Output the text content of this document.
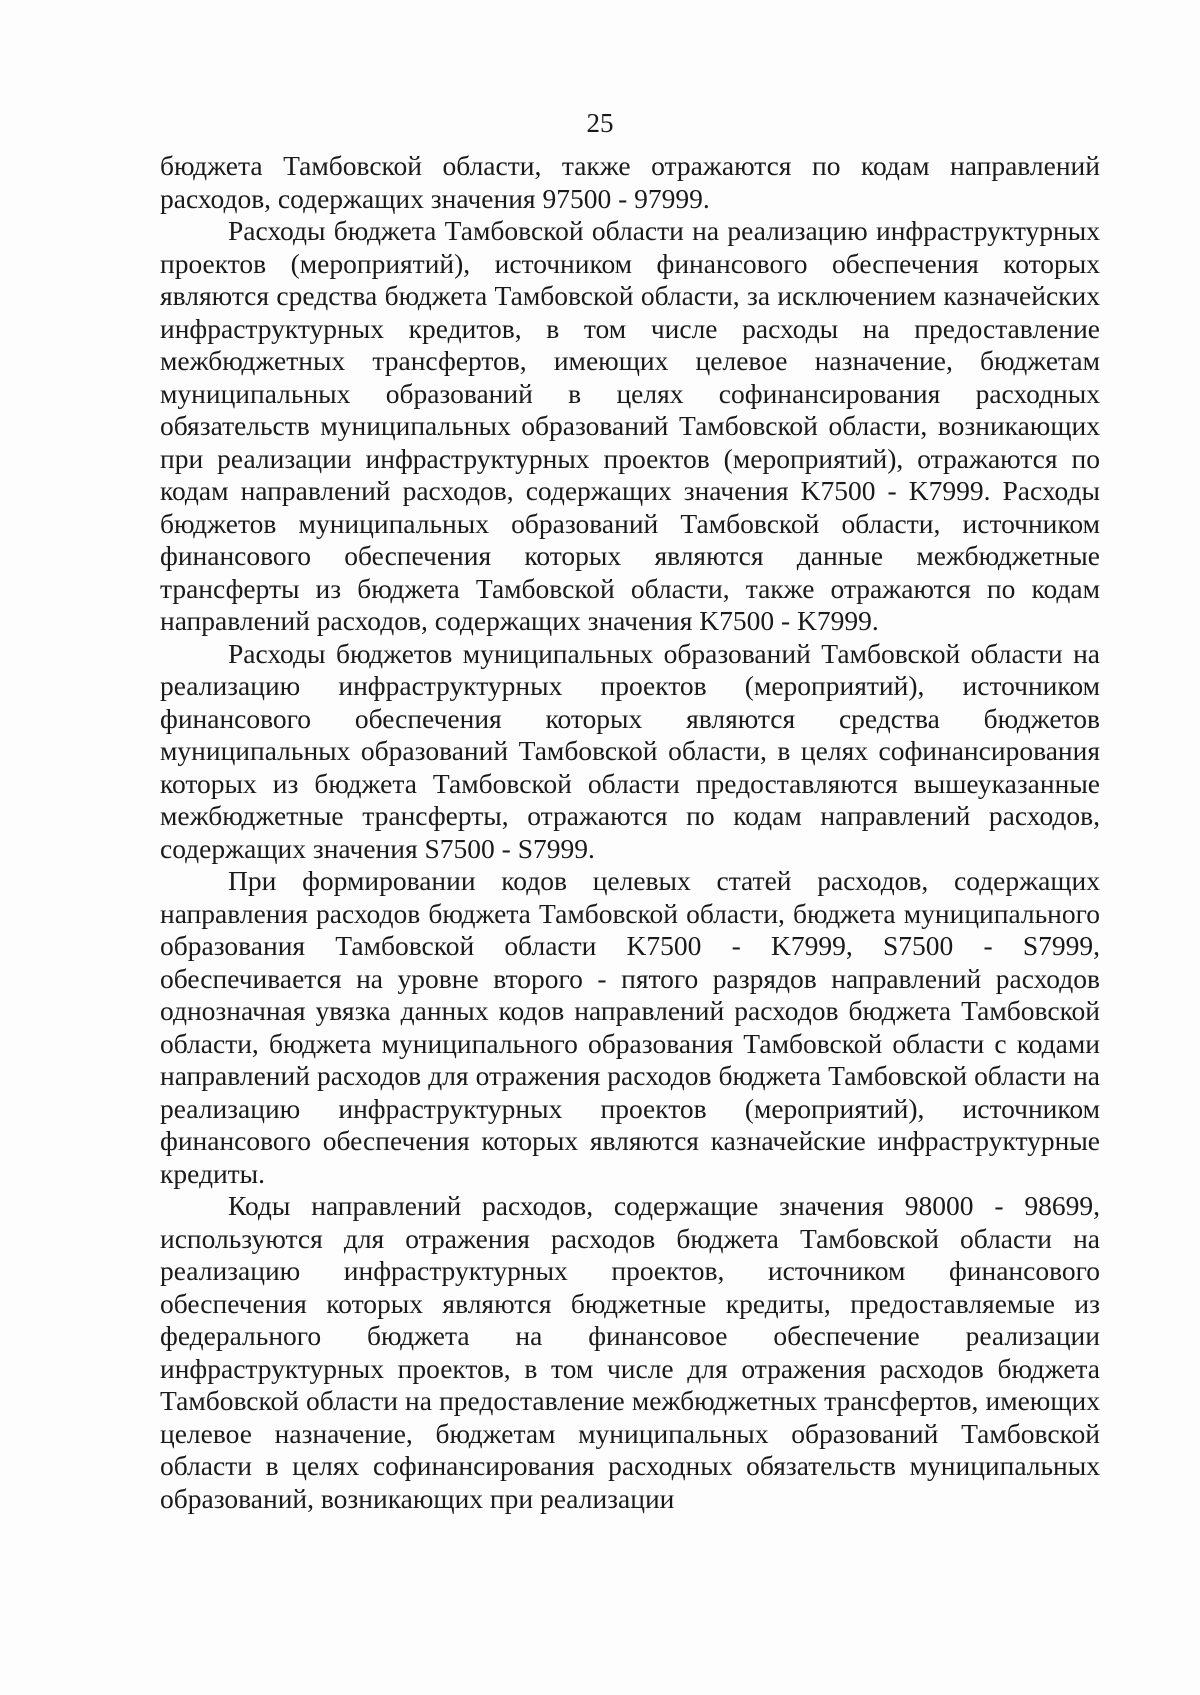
25

бюджета Тамбовской области, также отражаются по кодам направлений расходов, содержащих значения 97500 - 97999.

Расходы бюджета Тамбовской области на реализацию инфраструктурных проектов (мероприятий), источником финансового обеспечения которых являются средства бюджета Тамбовской области, за исключением казначейских инфраструктурных кредитов, в том числе расходы на предоставление межбюджетных трансфертов, имеющих целевое назначение, бюджетам муниципальных образований в целях софинансирования расходных обязательств муниципальных образований Тамбовской области, возникающих при реализации инфраструктурных проектов (мероприятий), отражаются по кодам направлений расходов, содержащих значения K7500 - K7999. Расходы бюджетов муниципальных образований Тамбовской области, источником финансового обеспечения которых являются данные межбюджетные трансферты из бюджета Тамбовской области, также отражаются по кодам направлений расходов, содержащих значения K7500 - K7999.

Расходы бюджетов муниципальных образований Тамбовской области на реализацию инфраструктурных проектов (мероприятий), источником финансового обеспечения которых являются средства бюджетов муниципальных образований Тамбовской области, в целях софинансирования которых из бюджета Тамбовской области предоставляются вышеуказанные межбюджетные трансферты, отражаются по кодам направлений расходов, содержащих значения S7500 - S7999.

При формировании кодов целевых статей расходов, содержащих направления расходов бюджета Тамбовской области, бюджета муниципального образования Тамбовской области K7500 - K7999, S7500 - S7999, обеспечивается на уровне второго - пятого разрядов направлений расходов однозначная увязка данных кодов направлений расходов бюджета Тамбовской области, бюджета муниципального образования Тамбовской области с кодами направлений расходов для отражения расходов бюджета Тамбовской области на реализацию инфраструктурных проектов (мероприятий), источником финансового обеспечения которых являются казначейские инфраструктурные кредиты.

Коды направлений расходов, содержащие значения 98000 - 98699, используются для отражения расходов бюджета Тамбовской области на реализацию инфраструктурных проектов, источником финансового обеспечения которых являются бюджетные кредиты, предоставляемые из федерального бюджета на финансовое обеспечение реализации инфраструктурных проектов, в том числе для отражения расходов бюджета Тамбовской области на предоставление межбюджетных трансфертов, имеющих целевое назначение, бюджетам муниципальных образований Тамбовской области в целях софинансирования расходных обязательств муниципальных образований, возникающих при реализации
